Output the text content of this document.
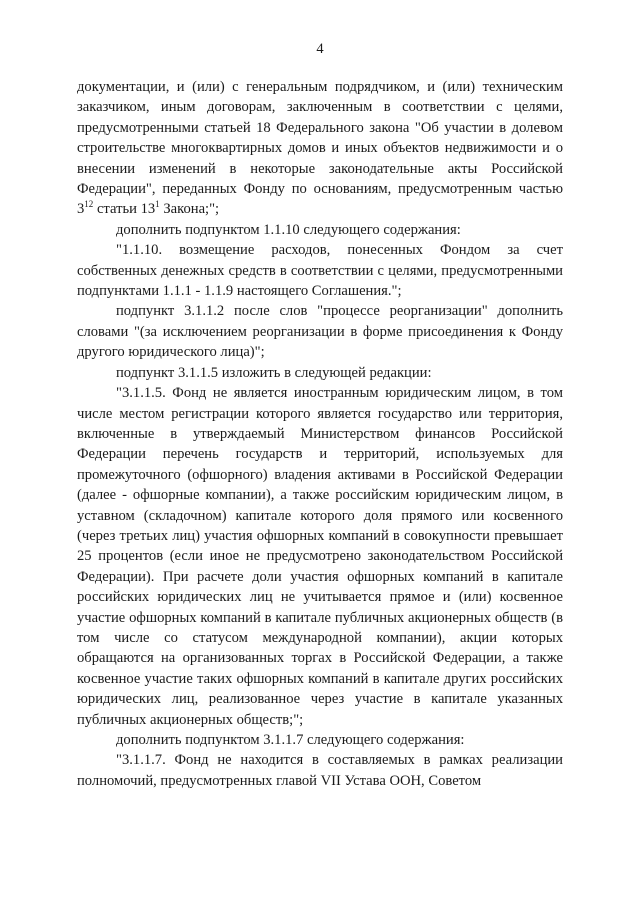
4

документации, и (или) с генеральным подрядчиком, и (или) техническим заказчиком, иным договорам, заключенным в соответствии с целями, предусмотренными статьей 18 Федерального закона "Об участии в долевом строительстве многоквартирных домов и иных объектов недвижимости и о внесении изменений в некоторые законодательные акты Российской Федерации", переданных Фонду по основаниям, предусмотренным частью $3^{12}$ статьи $13^1$ Закона;";

дополнить подпунктом 1.1.10 следующего содержания:

"1.1.10. возмещение расходов, понесенных Фондом за счет собственных денежных средств в соответствии с целями, предусмотренными подпунктами 1.1.1 - 1.1.9 настоящего Соглашения.";

подпункт 3.1.1.2 после слов "процессе реорганизации" дополнить словами "(за исключением реорганизации в форме присоединения к Фонду другого юридического лица)";

подпункт 3.1.1.5 изложить в следующей редакции:

"3.1.1.5. Фонд не является иностранным юридическим лицом, в том числе местом регистрации которого является государство или территория, включенные в утверждаемый Министерством финансов Российской Федерации перечень государств и территорий, используемых для промежуточного (офшорного) владения активами в Российской Федерации (далее - офшорные компании), а также российским юридическим лицом, в уставном (складочном) капитале которого доля прямого или косвенного (через третьих лиц) участия офшорных компаний в совокупности превышает 25 процентов (если иное не предусмотрено законодательством Российской Федерации). При расчете доли участия офшорных компаний в капитале российских юридических лиц не учитывается прямое и (или) косвенное участие офшорных компаний в капитале публичных акционерных обществ (в том числе со статусом международной компании), акции которых обращаются на организованных торгах в Российской Федерации, а также косвенное участие таких офшорных компаний в капитале других российских юридических лиц, реализованное через участие в капитале указанных публичных акционерных обществ;";

дополнить подпунктом 3.1.1.7 следующего содержания:

"3.1.1.7. Фонд не находится в составляемых в рамках реализации полномочий, предусмотренных главой VII Устава ООН, Советом
